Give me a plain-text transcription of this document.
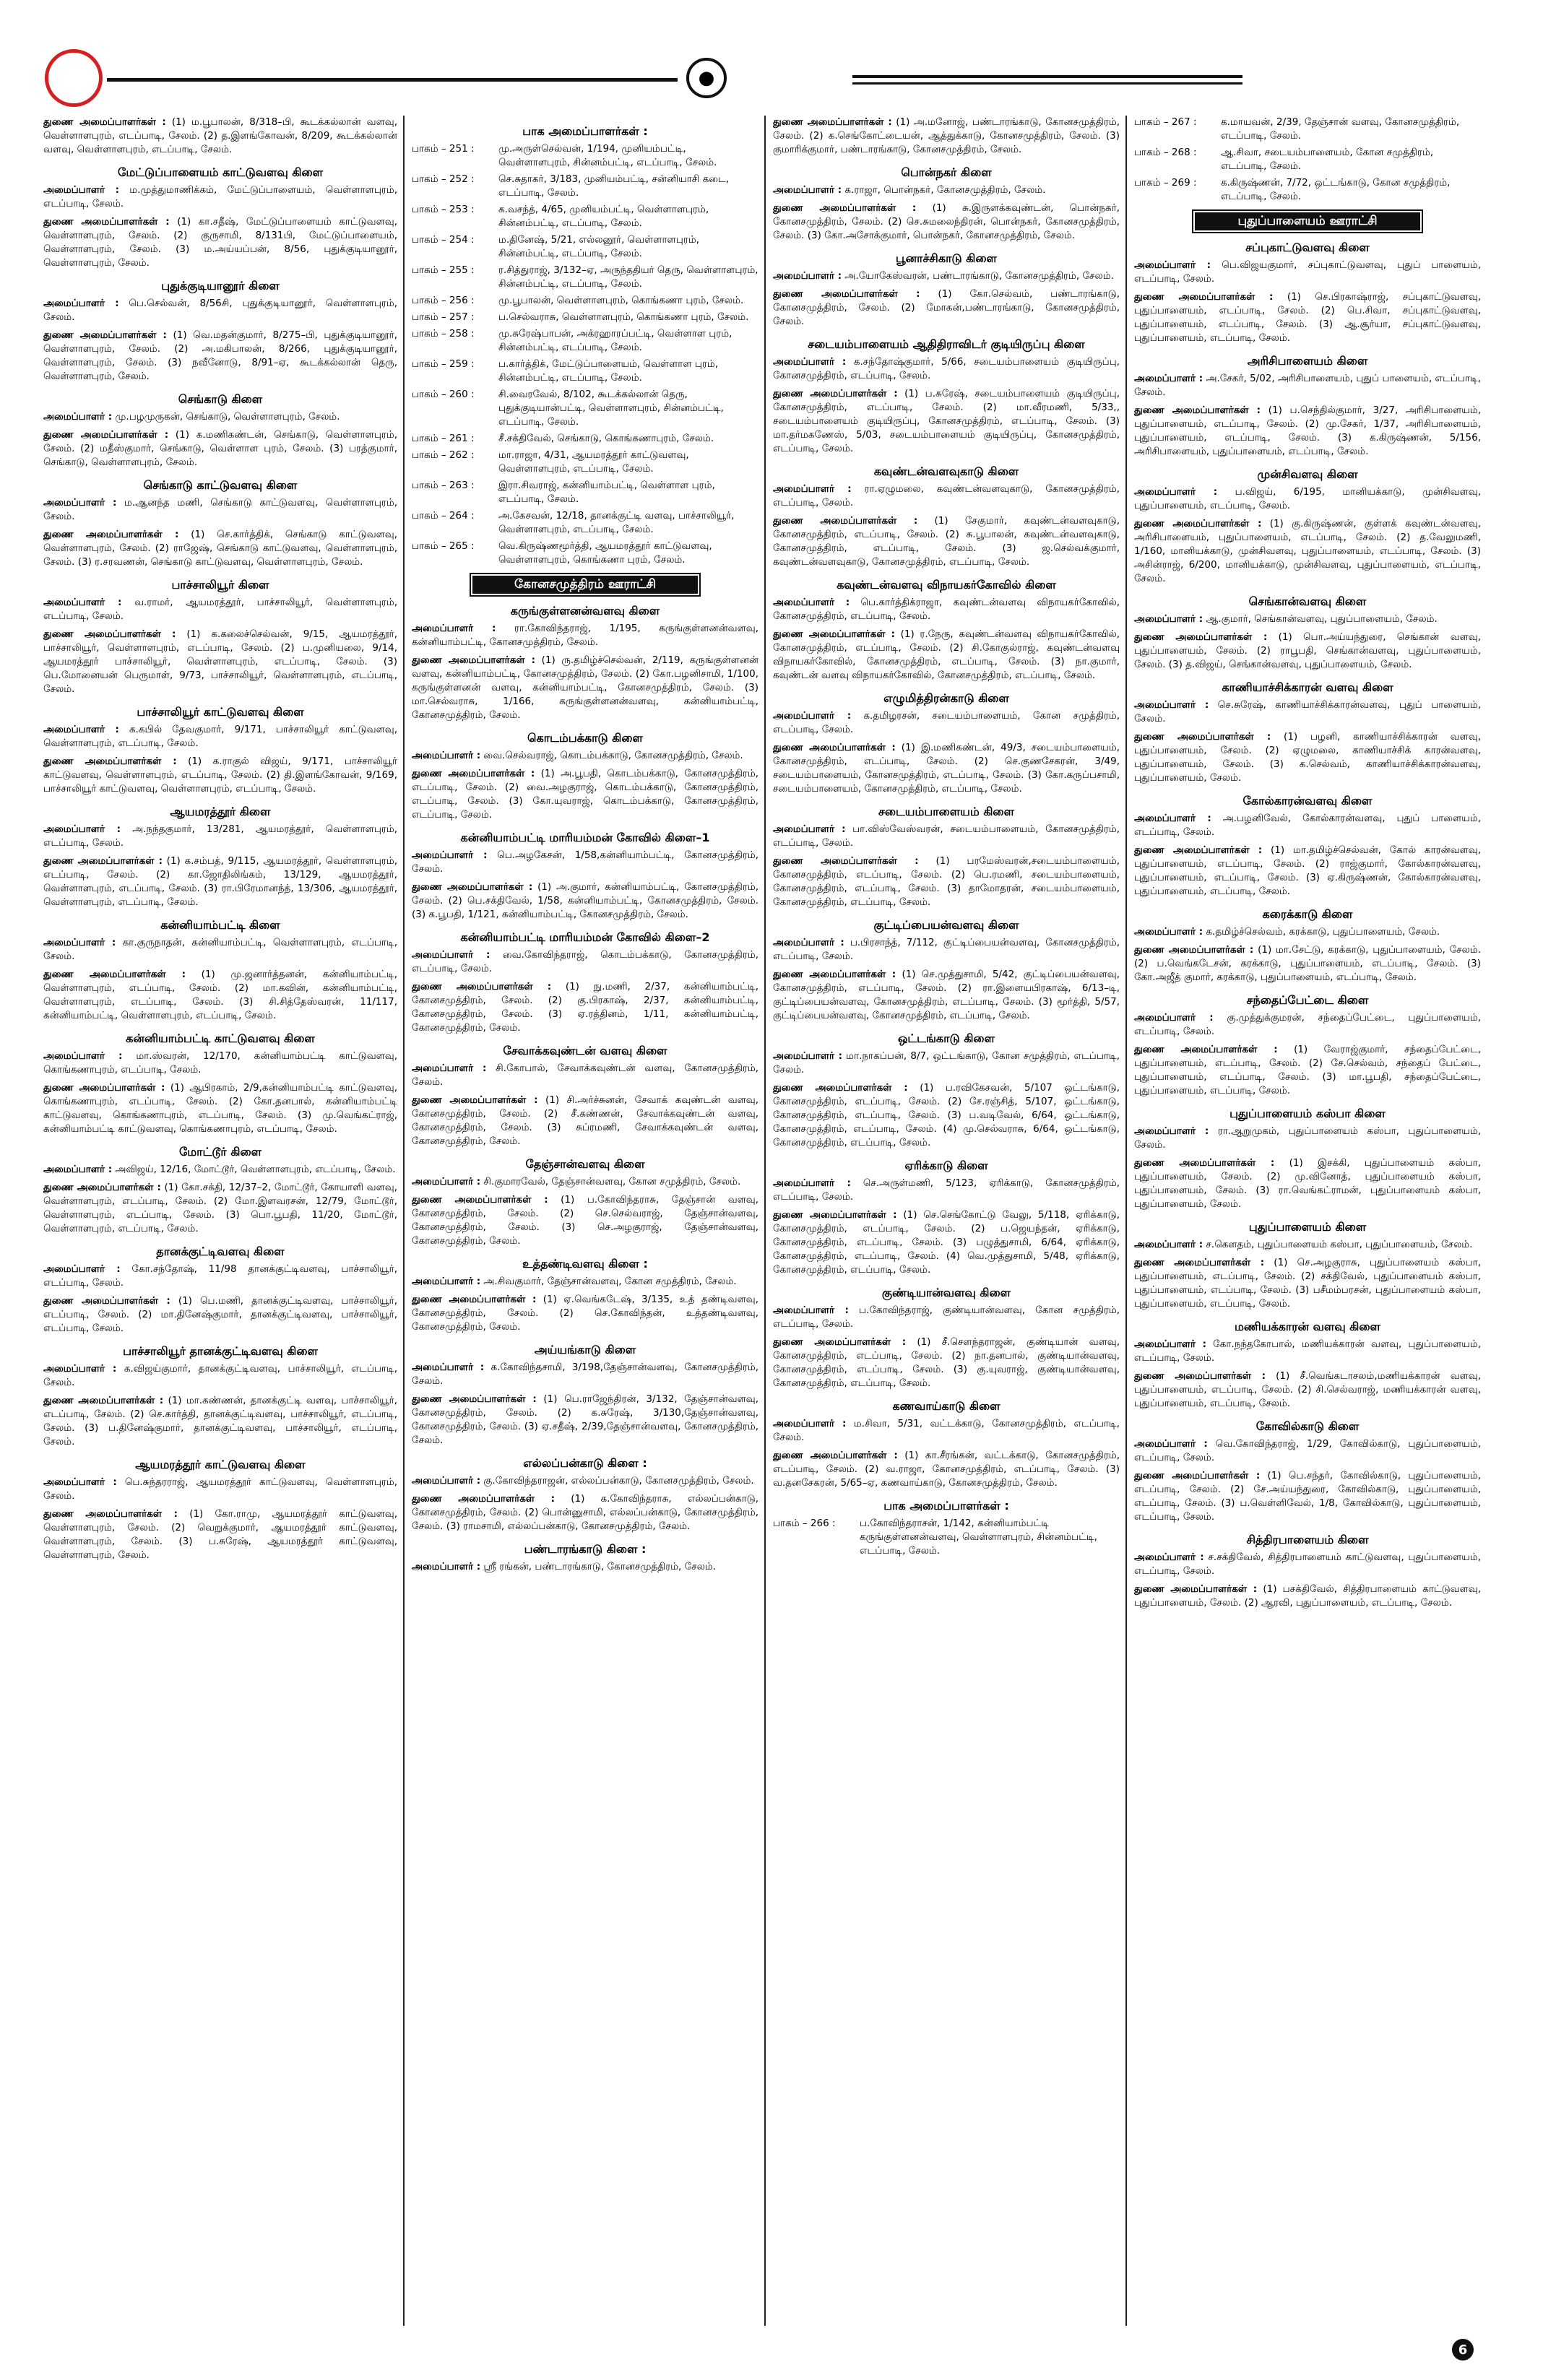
●
துணை அமைப்பாளர்கள் : (1) ம.பூபாலன், 8/318–பி, கூடக்கல்லான் வளவு, வெள்ளாளபுரம், எடப்பாடி, சேலம். (2) த.இளங்கோவன், 8/209, கூடக்கல்லான் வளவு, வெள்ளாளபுரம், எடப்பாடி, சேலம்.
மேட்டுப்பாளையம் காட்டுவளவு கிளை
அமைப்பாளர் : ம.முத்துமாணிக்கம், மேட்டுப்பாளையம், வெள்ளாளபுரம், எடப்பாடி, சேலம்.
துணை அமைப்பாளர்கள் : (1) கா.சதீஷ், மேட்டுப்பாளையம் காட்டுவளவு, வெள்ளாளபுரம், சேலம். (2) குருசாமி, 8/131பி, மேட்டுப்பாளையம், வெள்ளாளபுரம், சேலம். (3) ம.அய்யப்பன், 8/56, புதுக்குடியானூர், வெள்ளாளபுரம், சேலம்.
புதுக்குடியானூர் கிளை
அமைப்பாளர் : பெ.செல்வன், 8/56சி, புதுக்குடியானூர், வெள்ளாளபுரம், சேலம்.
துணை அமைப்பாளர்கள் : (1) வெ.மதன்குமார், 8/275–பி, புதுக்குடியானூர், வெள்ளாளபுரம், சேலம். (2) அ.மகிபாலன், 8/266, புதுக்குடியானூர், வெள்ளாளபுரம், சேலம். (3) நவீனோடு, 8/91–ஏ, கூடக்கல்லான் தெரு, வெள்ளாளபுரம், சேலம்.
செங்காடு கிளை
அமைப்பாளர் : மு.பழமுருகன், செங்காடு, வெள்ளாளபுரம், சேலம்.
துணை அமைப்பாளர்கள் : (1) க.மணிகண்டன், செங்காடு, வெள்ளாளபுரம், சேலம். (2) மதீஸ்குமார், செங்காடு, வெள்ளாள புரம், சேலம். (3) பரத்குமார், செங்காடு, வெள்ளாளபுரம், சேலம்.
செங்காடு காட்டுவளவு கிளை
அமைப்பாளர் : ம.ஆனந்த மணி, செங்காடு காட்டுவளவு, வெள்ளாளபுரம், சேலம்.
துணை அமைப்பாளர்கள் : (1) செ.கார்த்திக், செங்காடு காட்டுவளவு, வெள்ளாளபுரம், சேலம். (2) ராஜேஷ், செங்காடு காட்டுவளவு, வெள்ளாளபுரம், சேலம். (3) ர.சரவணன், செங்காடு காட்டுவளவு, வெள்ளாளபுரம், சேலம்.
பாச்சாலியூர் கிளை
அமைப்பாளர் : வ.ராமர், ஆயமரத்தூர், பாச்சாலியூர், வெள்ளாளபுரம், எடப்பாடி, சேலம்.
துணை அமைப்பாளர்கள் : (1) க.கலைச்செல்வன், 9/15, ஆயமரத்தூர், பாச்சாலியூர், வெள்ளாளபுரம், எடப்பாடி, சேலம். (2) ப.முனியலை, 9/14, ஆயமரத்தூர் பாச்சாலியூர், வெள்ளாளபுரம், எடப்பாடி, சேலம். (3) பெ.மோனையன் பெருமாள், 9/73, பாச்சாலியூர், வெள்ளாளபுரம், எடப்பாடி, சேலம்.
பாச்சாலியூர் காட்டுவளவு கிளை
அமைப்பாளர் : க.கபில் தேவகுமார், 9/171, பாச்சாலியூர் காட்டுவளவு, வெள்ளாளபுரம், எடப்பாடி, சேலம்.
துணை அமைப்பாளர்கள் : (1) க.ராகுல் விஜய், 9/171, பாச்சாலியூர் காட்டுவளவு, வெள்ளாளபுரம், எடப்பாடி, சேலம். (2) தி.இளங்கோவன், 9/169, பாச்சாலியூர் காட்டுவளவு, வெள்ளாளபுரம், எடப்பாடி, சேலம்.
ஆயமரத்தூர் கிளை
அமைப்பாளர் : அ.நந்தகுமார், 13/281, ஆயமரத்தூர், வெள்ளாளபுரம், எடப்பாடி, சேலம்.
துணை அமைப்பாளர்கள் : (1) க.சம்பத், 9/115, ஆயமரத்தூர், வெள்ளாளபுரம், எடப்பாடி, சேலம். (2) கா.ஜோதிலிங்கம், 13/129, ஆயமரத்தூர், வெள்ளாளபுரம், எடப்பாடி, சேலம். (3) ரா.பிரேமானந்த், 13/306, ஆயமரத்தூர், வெள்ளாளபுரம், எடப்பாடி, சேலம்.
கன்னியாம்பட்டி கிளை
அமைப்பாளர் : கா.குருநாதன், கன்னியாம்பட்டி, வெள்ளாளபுரம், எடப்பாடி, சேலம்.
துணை அமைப்பாளர்கள் : (1) மு.ஜனார்த்தனன், கன்னியாம்பட்டி, வெள்ளாளபுரம், எடப்பாடி, சேலம். (2) மா.கவின், கன்னியாம்பட்டி, வெள்ளாளபுரம், எடப்பாடி, சேலம். (3) சி.சித்தேஸ்வரன், 11/117, கன்னியாம்பட்டி, வெள்ளாளபுரம், எடப்பாடி, சேலம்.
கன்னியாம்பட்டி காட்டுவளவு கிளை
அமைப்பாளர் : மா.ஸ்வரன், 12/170, கன்னியாம்பட்டி காட்டுவளவு, கொங்கணாபுரம், எடப்பாடி, சேலம்.
துணை அமைப்பாளர்கள் : (1) ஆபிரகாம், 2/9,கன்னியாம்பட்டி காட்டுவளவு, கொங்கணாபுரம், எடப்பாடி, சேலம். (2) கோ.தனபால், கன்னியாம்பட்டி காட்டுவளவு, கொங்கணாபுரம், எடப்பாடி, சேலம். (3) மு.வெங்கட்ராஜ், கன்னியாம்பட்டி காட்டுவளவு, கொங்கணாபுரம், எடப்பாடி, சேலம்.
மோட்டூர் கிளை
அமைப்பாளர் : அவிஜய், 12/16, மோட்டூர், வெள்ளாளபுரம், எடப்பாடி, சேலம்.
துணை அமைப்பாளர்கள் : (1) கோ.சக்தி, 12/37–2, மோட்டூர், கோயாளி வளவு, வெள்ளாளபுரம், எடப்பாடி, சேலம். (2) மோ.இளவரசன், 12/79, மோட்டூர், வெள்ளாளபுரம், எடப்பாடி, சேலம். (3) பொ.பூபதி, 11/20, மோட்டூர், வெள்ளாளபுரம், எடப்பாடி, சேலம்.
தானக்குட்டிவளவு கிளை
அமைப்பாளர் : கோ.சந்தோஷ், 11/98 தானக்குட்டிவளவு, பாச்சாலியூர், எடப்பாடி, சேலம்.
துணை அமைப்பாளர்கள் : (1) பெ.மணி, தானக்குட்டிவளவு, பாச்சாலியூர், எடப்பாடி, சேலம். (2) மா.தினேஷ்குமார், தானக்குட்டிவளவு, பாச்சாலியூர், எடப்பாடி, சேலம்.
பாச்சாலியூர் தானக்குட்டிவளவு கிளை
அமைப்பாளர் : க.விஜய்குமார், தானக்குட்டிவளவு, பாச்சாலியூர், எடப்பாடி, சேலம்.
துணை அமைப்பாளர்கள் : (1) மா.கண்ணன், தானக்குட்டி வளவு, பாச்சாலியூர், எடப்பாடி, சேலம். (2) செ.கார்த்தி, தானக்குட்டிவளவு, பாச்சாலியூர், எடப்பாடி, சேலம். (3) ப.தினேஷ்குமார், தானக்குட்டிவளவு, பாச்சாலியூர், எடப்பாடி, சேலம்.
ஆயமரத்தூர் காட்டுவளவு கிளை
அமைப்பாளர் : பெ.சுந்தரராஜ், ஆயமரத்தூர் காட்டுவளவு, வெள்ளாளபுரம், சேலம்.
துணை அமைப்பாளர்கள் : (1) கோ.ராமு, ஆயமரத்தூர் காட்டுவளவு, வெள்ளாளபுரம், சேலம். (2) வெறுக்குமார், ஆயமரத்தூர் காட்டுவளவு, வெள்ளாளபுரம், சேலம். (3) ப.சுரேஷ், ஆயமரத்தூர் காட்டுவளவு, வெள்ளாளபுரம், சேலம்.
பாக அமைப்பாளர்கள் :
பாகம் – 251 :	மு.அருள்செல்வன், 1/194, முனியம்பட்டி, வெள்ளாளபுரம், சின்னம்பட்டி, எடப்பாடி, சேலம்.
பாகம் – 252 :	செ.சுதாகர், 3/183, முனியம்பட்டி, சன்னியாசி கடை, எடப்பாடி, சேலம்.
பாகம் – 253 :	க.வசந்த், 4/65, முனியம்பட்டி, வெள்ளாளபுரம், சின்னம்பட்டி, எடப்பாடி, சேலம்.
பாகம் – 254 :	ம.தினேஷ், 5/21, எல்லனூர், வெள்ளாளபுரம், சின்னம்பட்டி, எடப்பாடி, சேலம்.
பாகம் – 255 :	ர.சித்துராஜ், 3/132–ஏ, அருந்ததியர் தெரு, வெள்ளாளபுரம், சின்னம்பட்டி, எடப்பாடி, சேலம்.
பாகம் – 256 :	மு.பூபாலன், வெள்ளாளபுரம், கொங்கணா புரம், சேலம்.
பாகம் – 257 :	ப.செல்வராசு, வெள்ளாளபுரம், கொங்கணா புரம், சேலம்.
பாகம் – 258 :	மு.சுரேஷ்பாபன், அக்ரஹாரப்பட்டி, வெள்ளாள புரம், சின்னம்பட்டி, எடப்பாடி, சேலம்.
பாகம் – 259 :	ப.கார்த்திக், மேட்டுப்பாளையம், வெள்ளாள புரம், சின்னம்பட்டி, எடப்பாடி, சேலம்.
பாகம் – 260 :	சி.வைரவேல், 8/102, கூடக்கல்லான் தெரு, புதுக்குடியான்பட்டி, வெள்ளாளபுரம், சின்னம்பட்டி, எடப்பாடி, சேலம்.
பாகம் – 261 :	சீ.சக்திவேல், செங்காடு, கொங்கணாபுரம், சேலம்.
பாகம் – 262 :	மா.ராஜா, 4/31, ஆயமரத்தூர் காட்டுவளவு, வெள்ளாளபுரம், எடப்பாடி, சேலம்.
பாகம் – 263 :	இரா.சிவராஜ், கன்னியாம்பட்டி, வெள்ளாள புரம், எடப்பாடி, சேலம்.
பாகம் – 264 :	அ.கேசவன், 12/18, தானக்குட்டி வளவு, பாச்சாலியூர், வெள்ளாளபுரம், எடப்பாடி, சேலம்.
பாகம் – 265 :	வெ.கிருஷ்ணமூர்த்தி, ஆயமரத்தூர் காட்டுவளவு, வெள்ளாளபுரம், கொங்கணா புரம், சேலம்.
கோனசமுத்திரம் ஊராட்சி
கருங்குள்ளனன்வளவு கிளை
அமைப்பாளர் : ரா.கோவிந்தராஜ், 1/195, கருங்குள்ளனன்வளவு, கன்னியாம்பட்டி, கோனசமுத்திரம், சேலம்.
துணை அமைப்பாளர்கள் : (1) ரு.தமிழ்ச்செல்வன், 2/119, கருங்குள்ளனன் வளவு, கன்னியாம்பட்டி, கோனசமுத்திரம், சேலம். (2) கோ.பழனிசாமி, 1/100, கருங்குள்ளனன் வளவு, கன்னியாம்பட்டி, கோனசமுத்திரம், சேலம். (3) மா.செல்வராசு, 1/166, கருங்குள்ளனன்வளவு, கன்னியாம்பட்டி, கோனசமுத்திரம், சேலம்.
கொடம்பக்காடு கிளை
அமைப்பாளர் : வை.செல்வராஜ், கொடம்பக்காடு, கோனசமுத்திரம், சேலம்.
துணை அமைப்பாளர்கள் : (1) அ.பூபதி, கொடம்பக்காடு, கோனசமுத்திரம், எடப்பாடி, சேலம். (2) வை.அழகுராஜ், கொடம்பக்காடு, கோனசமுத்திரம், எடப்பாடி, சேலம். (3) கோ.யுவராஜ், கொடம்பக்காடு, கோனசமுத்திரம், எடப்பாடி, சேலம்.
கன்னியாம்பட்டி மாரியம்மன் கோவில் கிளை–1
அமைப்பாளர் : பெ.அழகேசன், 1/58,கன்னியாம்பட்டி, கோனசமுத்திரம், சேலம்.
துணை அமைப்பாளர்கள் : (1) அ.குமார், கன்னியாம்பட்டி, கோனசமுத்திரம், சேலம். (2) பெ.சக்திவேல், 1/58, கன்னியாம்பட்டி, கோனசமுத்திரம், சேலம். (3) க.பூபதி, 1/121, கன்னியாம்பட்டி, கோனசமுத்திரம், சேலம்.
கன்னியாம்பட்டி மாரியம்மன் கோவில் கிளை–2
அமைப்பாளர் : வை.கோவிந்தராஜ், கொடம்பக்காடு, கோனசமுத்திரம், எடப்பாடி, சேலம்.
துணை அமைப்பாளர்கள் : (1) நு.மணி, 2/37, கன்னியாம்பட்டி, கோனசமுத்திரம், சேலம். (2) கு.பிரகாஷ், 2/37, கன்னியாம்பட்டி, கோனசமுத்திரம், சேலம். (3) ஏ.ரத்தினம், 1/11, கன்னியாம்பட்டி, கோனசமுத்திரம், சேலம்.
சேவாக்கவுண்டன் வளவு கிளை
அமைப்பாளர் : சி.கோபால், சேவாக்கவுண்டன் வளவு, கோனசமுத்திரம், சேலம்.
துணை அமைப்பாளர்கள் : (1) சி.அர்ச்சுனன், சேவாக் கவுண்டன் வளவு, கோனசமுத்திரம், சேலம். (2) சீ.கண்ணன், சேவாக்கவுண்டன் வளவு, கோனசமுத்திரம், சேலம். (3) சுப்ரமணி, சேவாக்கவுண்டன் வளவு, கோனசமுத்திரம், சேலம்.
தேஞ்சான்வளவு கிளை
அமைப்பாளர் : சி.குமாரவேல், தேஞ்சான்வளவு, கோன சமுத்திரம், சேலம்.
துணை அமைப்பாளர்கள் : (1) ப.கோவிந்தராசு, தேஞ்சான் வளவு, கோனசமுத்திரம், சேலம். (2) செ.செல்வராஜ், தேஞ்சான்வளவு, கோனசமுத்திரம், சேலம். (3) செ.அழகுராஜ், தேஞ்சான்வளவு, கோனசமுத்திரம், சேலம்.
உத்தண்டிவளவு கிளை :
அமைப்பாளர் : அ.சிவகுமார், தேஞ்சான்வளவு, கோன சமுத்திரம், சேலம்.
துணை அமைப்பாளர்கள் : (1) ஏ.வெங்கடேஷ், 3/135, உத் தண்டிவளவு, கோனசமுத்திரம், சேலம். (2) செ.கோவிந்தன், உத்தண்டிவளவு, கோனசமுத்திரம், சேலம்.
அய்யங்காடு கிளை
அமைப்பாளர் : க.கோவிந்தசாமி, 3/198,தேஞ்சான்வளவு, கோனசமுத்திரம், சேலம்.
துணை அமைப்பாளர்கள் : (1) பெ.ராஜேந்திரன், 3/132, தேஞ்சான்வளவு, கோனசமுத்திரம், சேலம். (2) க.சுரேஷ், 3/130,தேஞ்சான்வளவு, கோனசமுத்திரம், சேலம். (3) ஏ.சதீஷ், 2/39,தேஞ்சான்வளவு, கோனசமுத்திரம், சேலம்.
எல்லப்பன்காடு கிளை :
அமைப்பாளர் : கு.கோவிந்தராஜன், எல்லப்பன்காடு, கோனசமுத்திரம், சேலம்.
துணை அமைப்பாளர்கள் : (1) க.கோவிந்தராசு, எல்லப்பன்காடு, கோனசமுத்திரம், சேலம். (2) பொன்னுசாமி, எல்லப்பன்காடு, கோனசமுத்திரம், சேலம். (3) ராமசாமி, எல்லப்பன்காடு, கோனசமுத்திரம், சேலம்.
பண்டாரங்காடு கிளை :
அமைப்பாளர் : ஸ்ரீ ரங்கன், பண்டாரங்காடு, கோனசமுத்திரம், சேலம்.
துணை அமைப்பாளர்கள் : (1) அ.மனோஜ், பண்டாரங்காடு, கோனசமுத்திரம், சேலம். (2) க.செங்கோட்டையன், ஆத்துக்காடு, கோனசமுத்திரம், சேலம். (3) குமாரிக்குமார், பண்டாரங்காடு, கோனசமுத்திரம், சேலம்.
பொன்நகர் கிளை
அமைப்பாளர் : க.ராஜா, பொன்நகர், கோனசமுத்திரம், சேலம்.
துணை அமைப்பாளர்கள் : (1) சு.இருளக்கவுண்டன், பொன்நகர், கோனசமுத்திரம், சேலம். (2) செ.சுமலைந்திரன், பொன்நகர், கோனசமுத்திரம், சேலம். (3) கோ.அசோக்குமார், பொன்நகர், கோனசமுத்திரம், சேலம்.
பூனாச்சிகாடு கிளை
அமைப்பாளர் : அ.யோகேஸ்வரன், பண்டாரங்காடு, கோனசமுத்திரம், சேலம்.
துணை அமைப்பாளர்கள் : (1) கோ.செல்வம், பண்டாரங்காடு, கோனசமுத்திரம், சேலம். (2) மோகன்,பண்டாரங்காடு, கோனசமுத்திரம், சேலம்.
சடையம்பாளையம் ஆதிதிராவிடர் குடியிருப்பு கிளை
அமைப்பாளர் : க.சந்தோஷ்குமார், 5/66, சடையம்பாளையம் குடியிருப்பு, கோனசமுத்திரம், எடப்பாடி, சேலம்.
துணை அமைப்பாளர்கள் : (1) ப.சுரேஷ், சடையம்பாளையம் குடியிருப்பு, கோனசமுத்திரம், எடப்பாடி, சேலம். (2) மா.வீரமணி, 5/33,, சடையம்பாளையம் குடியிருப்பு, கோனசமுத்திரம், எடப்பாடி, சேலம். (3) மா.தர்மகணேஸ், 5/03, சடையம்பாளையம் குடியிருப்பு, கோனசமுத்திரம், எடப்பாடி, சேலம்.
கவுண்டன்வளவுகாடு கிளை
அமைப்பாளர் : ரா.ஏழுமலை, கவுண்டன்வளவுகாடு, கோனசமுத்திரம், எடப்பாடி, சேலம்.
துணை அமைப்பாளர்கள் : (1) சேகுமார், கவுண்டன்வளவுகாடு, கோனசமுத்திரம், எடப்பாடி, சேலம். (2) சு.பூபாலன், கவுண்டன்வளவுகாடு, கோனசமுத்திரம், எடப்பாடி, சேலம். (3) ஜ.செல்வக்குமார், கவுண்டன்வளவுகாடு, கோனசமுத்திரம், எடப்பாடி, சேலம்.
கவுண்டன்வளவு விநாயகர்கோவில் கிளை
அமைப்பாளர் : பெ.கார்த்திக்ராஜா, கவுண்டன்வளவு விநாயகர்கோவில், கோனசமுத்திரம், எடப்பாடி, சேலம்.
துணை அமைப்பாளர்கள் : (1) ர.நேரு, கவுண்டன்வளவு விநாயகர்கோவில், கோனசமுத்திரம், எடப்பாடி, சேலம். (2) சி.கோகுல்ராஜ், கவுண்டன்வளவு விநாயகர்கோவில், கோனசமுத்திரம், எடப்பாடி, சேலம். (3) நா.குமார், கவுண்டன் வளவு விநாயகர்கோவில், கோனசமுத்திரம், எடப்பாடி, சேலம்.
எழுமித்திரன்காடு கிளை
அமைப்பாளர் : க.தமிழரசன், சடையம்பாளையம், கோன சமுத்திரம், எடப்பாடி, சேலம்.
துணை அமைப்பாளர்கள் : (1) இ.மணிகண்டன், 49/3, சடையம்பாளையம், கோனசமுத்திரம், எடப்பாடி, சேலம். (2) செ.குணசேகரன், 3/49, சடையம்பாளையம், கோனசமுத்திரம், எடப்பாடி, சேலம். (3) கோ.கருப்பசாமி, சடையம்பாளையம், கோனசமுத்திரம், எடப்பாடி, சேலம்.
சடையம்பாளையம் கிளை
அமைப்பாளர் : பா.விஸ்வேஸ்வரன், சடையம்பாளையம், கோனசமுத்திரம், எடப்பாடி, சேலம்.
துணை அமைப்பாளர்கள் : (1) பரமேஸ்வரன்,சடையம்பாளையம், கோனசமுத்திரம், எடப்பாடி, சேலம். (2) பெ.ரமணி, சடையம்பாளையம், கோனசமுத்திரம், எடப்பாடி, சேலம். (3) தாமோதரன், சடையம்பாளையம், கோனசமுத்திரம், எடப்பாடி, சேலம்.
குட்டிப்பையன்வளவு கிளை
அமைப்பாளர் : ப.பிரசாந்த், 7/112, குட்டிப்பையன்வளவு, கோனசமுத்திரம், எடப்பாடி, சேலம்.
துணை அமைப்பாளர்கள் : (1) செ.முத்துசாமி, 5/42, குட்டிப்பையன்வளவு, கோனசமுத்திரம், எடப்பாடி, சேலம். (2) ரா.இளையபிரகாஷ், 6/13–டி, குட்டிப்பையன்வளவு, கோனசமுத்திரம், எடப்பாடி, சேலம். (3) மூர்த்தி, 5/57, குட்டிப்பையன்வளவு, கோனசமுத்திரம், எடப்பாடி, சேலம்.
ஒட்டங்காடு கிளை
அமைப்பாளர் : மா.நாகப்பன், 8/7, ஒட்டங்காடு, கோன சமுத்திரம், எடப்பாடி, சேலம்.
துணை அமைப்பாளர்கள் : (1) ப.ரவிகேசவன், 5/107 ஒட்டங்காடு, கோனசமுத்திரம், எடப்பாடி, சேலம். (2) சே.ரஞ்சித், 5/107, ஒட்டங்காடு, கோனசமுத்திரம், எடப்பாடி, சேலம். (3) ப.வடிவேல், 6/64, ஒட்டங்காடு, கோனசமுத்திரம், எடப்பாடி, சேலம். (4) மு.செல்வராசு, 6/64, ஒட்டங்காடு, கோனசமுத்திரம், எடப்பாடி, சேலம்.
ஏரிக்காடு கிளை
அமைப்பாளர் : செ.அருள்மணி, 5/123, ஏரிக்காடு, கோனசமுத்திரம், எடப்பாடி, சேலம்.
துணை அமைப்பாளர்கள் : (1) செ.செங்கோட்டு வேலு, 5/118, ஏரிக்காடு, கோனசமுத்திரம், எடப்பாடி, சேலம். (2) ப.ஜெயந்தன், ஏரிக்காடு, கோனசமுத்திரம், எடப்பாடி, சேலம். (3) பழுத்துசாமி, 6/64, ஏரிக்காடு, கோனசமுத்திரம், எடப்பாடி, சேலம். (4) வெ.முத்துசாமி, 5/48, ஏரிக்காடு, கோனசமுத்திரம், எடப்பாடி, சேலம்.
குண்டியான்வளவு கிளை
அமைப்பாளர் : ப.கோவிந்தராஜ், குண்டியான்வளவு, கோன சமுத்திரம், எடப்பாடி, சேலம்.
துணை அமைப்பாளர்கள் : (1) சீ.செளந்தராஜன், குண்டியான் வளவு, கோனசமுத்திரம், எடப்பாடி, சேலம். (2) நா.தனபால், குண்டியான்வளவு, கோனசமுத்திரம், எடப்பாடி, சேலம். (3) கு.யுவராஜ், குண்டியான்வளவு, கோனசமுத்திரம், எடப்பாடி, சேலம்.
கணவாய்காடு கிளை
அமைப்பாளர் : ம.சிவா, 5/31, வட்டக்காடு, கோனசமுத்திரம், எடப்பாடி, சேலம்.
துணை அமைப்பாளர்கள் : (1) கா.சீரங்கன், வட்டக்காடு, கோனசமுத்திரம், எடப்பாடி, சேலம். (2) வ.ராஜா, கோனசமுத்திரம், எடப்பாடி, சேலம். (3) வ.தனசேகரன், 5/65–ஏ, கணவாய்காடு, கோனசமுத்திரம், சேலம்.
பாக அமைப்பாளர்கள் :
பாகம் – 266 :	ப.கோவிந்தராசன், 1/142, கன்னியாம்பட்டி கருங்குள்ளனன்வளவு, வெள்ளாளபுரம், சின்னம்பட்டி, எடப்பாடி, சேலம்.
பாகம் – 267 :	க.மாயவன், 2/39, தேஞ்சான் வளவு, கோனசமுத்திரம், எடப்பாடி, சேலம்.
பாகம் – 268 :	ஆ.சிவா, சடையம்பாளையம், கோன சமுத்திரம், எடப்பாடி, சேலம்.
பாகம் – 269 :	க.கிருஷ்ணன், 7/72, ஒட்டங்காடு, கோன சமுத்திரம், எடப்பாடி, சேலம்.
புதுப்பாளையம் ஊராட்சி
சப்புகாட்டுவளவு கிளை
அமைப்பாளர் : பெ.விஜயகுமார், சப்புகாட்டுவளவு, புதுப் பாளையம், எடப்பாடி, சேலம்.
துணை அமைப்பாளர்கள் : (1) செ.பிரகாஷ்ராஜ், சப்புகாட்டுவளவு, புதுப்பாளையம், எடப்பாடி, சேலம். (2) பெ.சிவா, சப்புகாட்டுவளவு, புதுப்பாளையம், எடப்பாடி, சேலம். (3) ஆ.சூர்யா, சப்புகாட்டுவளவு, புதுப்பாளையம், எடப்பாடி, சேலம்.
அரிசிபாளையம் கிளை
அமைப்பாளர் : அ.சேகர், 5/02, அரிசிபாளையம், புதுப் பாளையம், எடப்பாடி, சேலம்.
துணை அமைப்பாளர்கள் : (1) ப.செந்தில்குமார், 3/27, அரிசிபாளையம், புதுப்பாளையம், எடப்பாடி, சேலம். (2) மு.சேகர், 1/37, அரிசிபாளையம், புதுப்பாளையம், எடப்பாடி, சேலம். (3) க.கிருஷ்ணன், 5/156, அரிசிபாளையம், புதுப்பாளையம், எடப்பாடி, சேலம்.
முன்சிவளவு கிளை
அமைப்பாளர் : ப.விஜய், 6/195, மானியக்காடு, முன்சிவளவு, புதுப்பாளையம், எடப்பாடி, சேலம்.
துணை அமைப்பாளர்கள் : (1) கு.கிருஷ்ணன், குள்ளக் கவுண்டன்வளவு, அரிசிபாளையம், புதுப்பாளையம், எடப்பாடி, சேலம். (2) த.வேலுமணி, 1/160, மானியக்காடு, முன்சிவளவு, புதுப்பாளையம், எடப்பாடி, சேலம். (3) அசின்ராஜ், 6/200, மானியக்காடு, முன்சிவளவு, புதுப்பாளையம், எடப்பாடி, சேலம்.
செங்கான்வளவு கிளை
அமைப்பாளர் : ஆ.குமார், செங்கான்வளவு, புதுப்பாளையம், சேலம்.
துணை அமைப்பாளர்கள் : (1) பொ.அய்யந்துரை, செங்கான் வளவு, புதுப்பாளையம், சேலம். (2) ராபூபதி, செங்கான்வளவு, புதுப்பாளையம், சேலம். (3) த.விஜய், செங்கான்வளவு, புதுப்பாளையம், சேலம்.
காணியாச்சிக்காரன் வளவு கிளை
அமைப்பாளர் : செ.சுரேஷ், காணியாச்சிக்காரன்வளவு, புதுப் பாளையம், சேலம்.
துணை அமைப்பாளர்கள் : (1) பழனி, காணியாச்சிக்காரன் வளவு, புதுப்பாளையம், சேலம். (2) ஏழுமலை, காணியாச்சிக் காரன்வளவு, புதுப்பாளையம், சேலம். (3) க.செல்வம், காணியாச்சிக்காரன்வளவு, புதுப்பாளையம், சேலம்.
கோல்காரன்வளவு கிளை
அமைப்பாளர் : அ.பழனிவேல், கோல்காரன்வளவு, புதுப் பாளையம், எடப்பாடி, சேலம்.
துணை அமைப்பாளர்கள் : (1) மா.தமிழ்ச்செல்வன், கோல் காரன்வளவு, புதுப்பாளையம், எடப்பாடி, சேலம். (2) ராஜ்குமார், கோல்காரன்வளவு, புதுப்பாளையம், எடப்பாடி, சேலம். (3) ஏ.கிருஷ்ணன், கோல்காரன்வளவு, புதுப்பாளையம், எடப்பாடி, சேலம்.
கரைக்காடு கிளை
அமைப்பாளர் : க.தமிழ்ச்செல்வம், கரக்காடு, புதுப்பாளையம், சேலம்.
துணை அமைப்பாளர்கள் : (1) மா.சேட்டு, கரக்காடு, புதுப்பாளையம், சேலம். (2) ப.வெங்கடேசன், கரக்காடு, புதுப்பாளையம், எடப்பாடி, சேலம். (3) கோ.அஜீத் குமார், கரக்காடு, புதுப்பாளையம், எடப்பாடி, சேலம்.
சந்தைப்பேட்டை கிளை
அமைப்பாளர் : கு.முத்துக்குமரன், சந்தைப்பேட்டை, புதுப்பாளையம், எடப்பாடி, சேலம்.
துணை அமைப்பாளர்கள் : (1) வேராஜ்குமார், சந்தைப்பேட்டை, புதுப்பாளையம், எடப்பாடி, சேலம். (2) சே.செல்வம், சந்தைப் பேட்டை, புதுப்பாளையம், எடப்பாடி, சேலம். (3) மா.பூபதி, சந்தைப்பேட்டை, புதுப்பாளையம், எடப்பாடி, சேலம்.
புதுப்பாளையம் கஸ்பா கிளை
அமைப்பாளர் : ரா.ஆறுமுகம், புதுப்பாளையம் கஸ்பா, புதுப்பாளையம், சேலம்.
துணை அமைப்பாளர்கள் : (1) இசக்கி, புதுப்பாளையம் கஸ்பா, புதுப்பாளையம், சேலம். (2) மு.வினோத், புதுப்பாளையம் கஸ்பா, புதுப்பாளையம், சேலம். (3) ரா.வெங்கட்ராமன், புதுப்பாளையம் கஸ்பா, புதுப்பாளையம், சேலம்.
புதுப்பாளையம் கிளை
அமைப்பாளர் : ச.கௌதம், புதுப்பாளையம் கஸ்பா, புதுப்பாளையம், சேலம்.
துணை அமைப்பாளர்கள் : (1) செ.அழகுராசு, புதுப்பாளையம் கஸ்பா, புதுப்பாளையம், எடப்பாடி, சேலம். (2) சக்திவேல், புதுப்பாளையம் கஸ்பா, புதுப்பாளையம், எடப்பாடி, சேலம். (3) பசீமம்பரசன், புதுப்பாளையம் கஸ்பா, புதுப்பாளையம், எடப்பாடி, சேலம்.
மணியக்காரன் வளவு கிளை
அமைப்பாளர் : கோ.நந்தகோபால், மணியக்காரன் வளவு, புதுப்பாளையம், எடப்பாடி, சேலம்.
துணை அமைப்பாளர்கள் : (1) சீ.வெங்கடாசலம்,மணியக்காரன் வளவு, புதுப்பாளையம், எடப்பாடி, சேலம். (2) சி.செல்வராஜ், மணியக்காரன் வளவு, புதுப்பாளையம், எடப்பாடி, சேலம்.
கோவில்காடு கிளை
அமைப்பாளர் : வெ.கோவிந்தராஜ், 1/29, கோவில்காடு, புதுப்பாளையம், எடப்பாடி, சேலம்.
துணை அமைப்பாளர்கள் : (1) பெ.சந்தர், கோவில்காடு, புதுப்பாளையம், எடப்பாடி, சேலம். (2) சே.அய்யந்துரை, கோவில்காடு, புதுப்பாளையம், எடப்பாடி, சேலம். (3) ப.வெள்ளிவேல், 1/8, கோவில்காடு, புதுப்பாளையம், எடப்பாடி, சேலம்.
சித்திரபாளையம் கிளை
அமைப்பாளர் : ச.சக்திவேல், சித்திரபாளையம் காட்டுவளவு, புதுப்பாளையம், எடப்பாடி, சேலம்.
துணை அமைப்பாளர்கள் : (1) பசக்திவேல், சித்திரபாளையம் காட்டுவளவு, புதுப்பாளையம், சேலம். (2) ஆரவி, புதுப்பாளையம், எடப்பாடி, சேலம்.
6
